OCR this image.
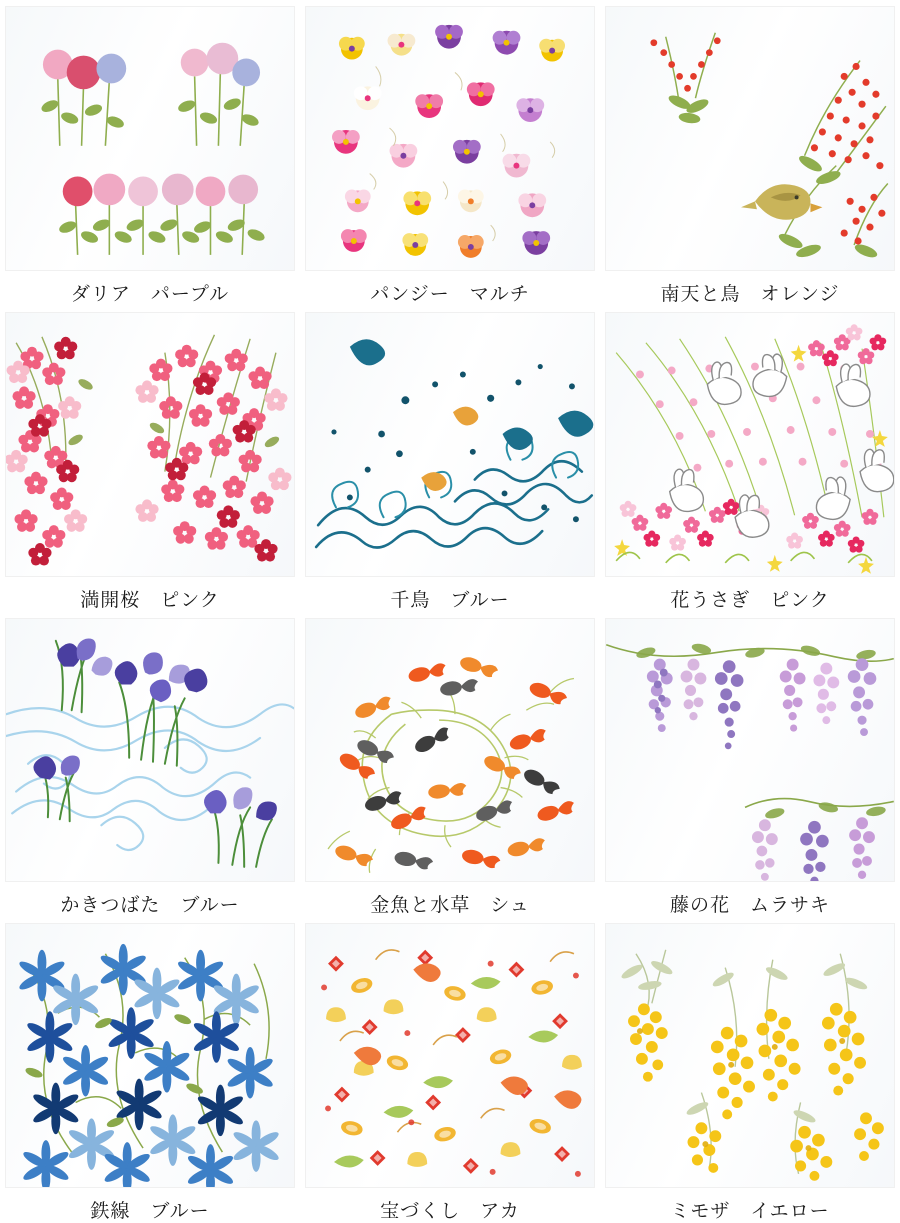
ダリア　パープル	パンジー　マルチ	南天と鳥　オレンジ
満開桜　ピンク	千鳥　ブルー	花うさぎ　ピンク
かきつばた　ブルー	金魚と水草　シュ	藤の花　ムラサキ
鉄線　ブルー	宝づくし　アカ	ミモザ　イエロー
